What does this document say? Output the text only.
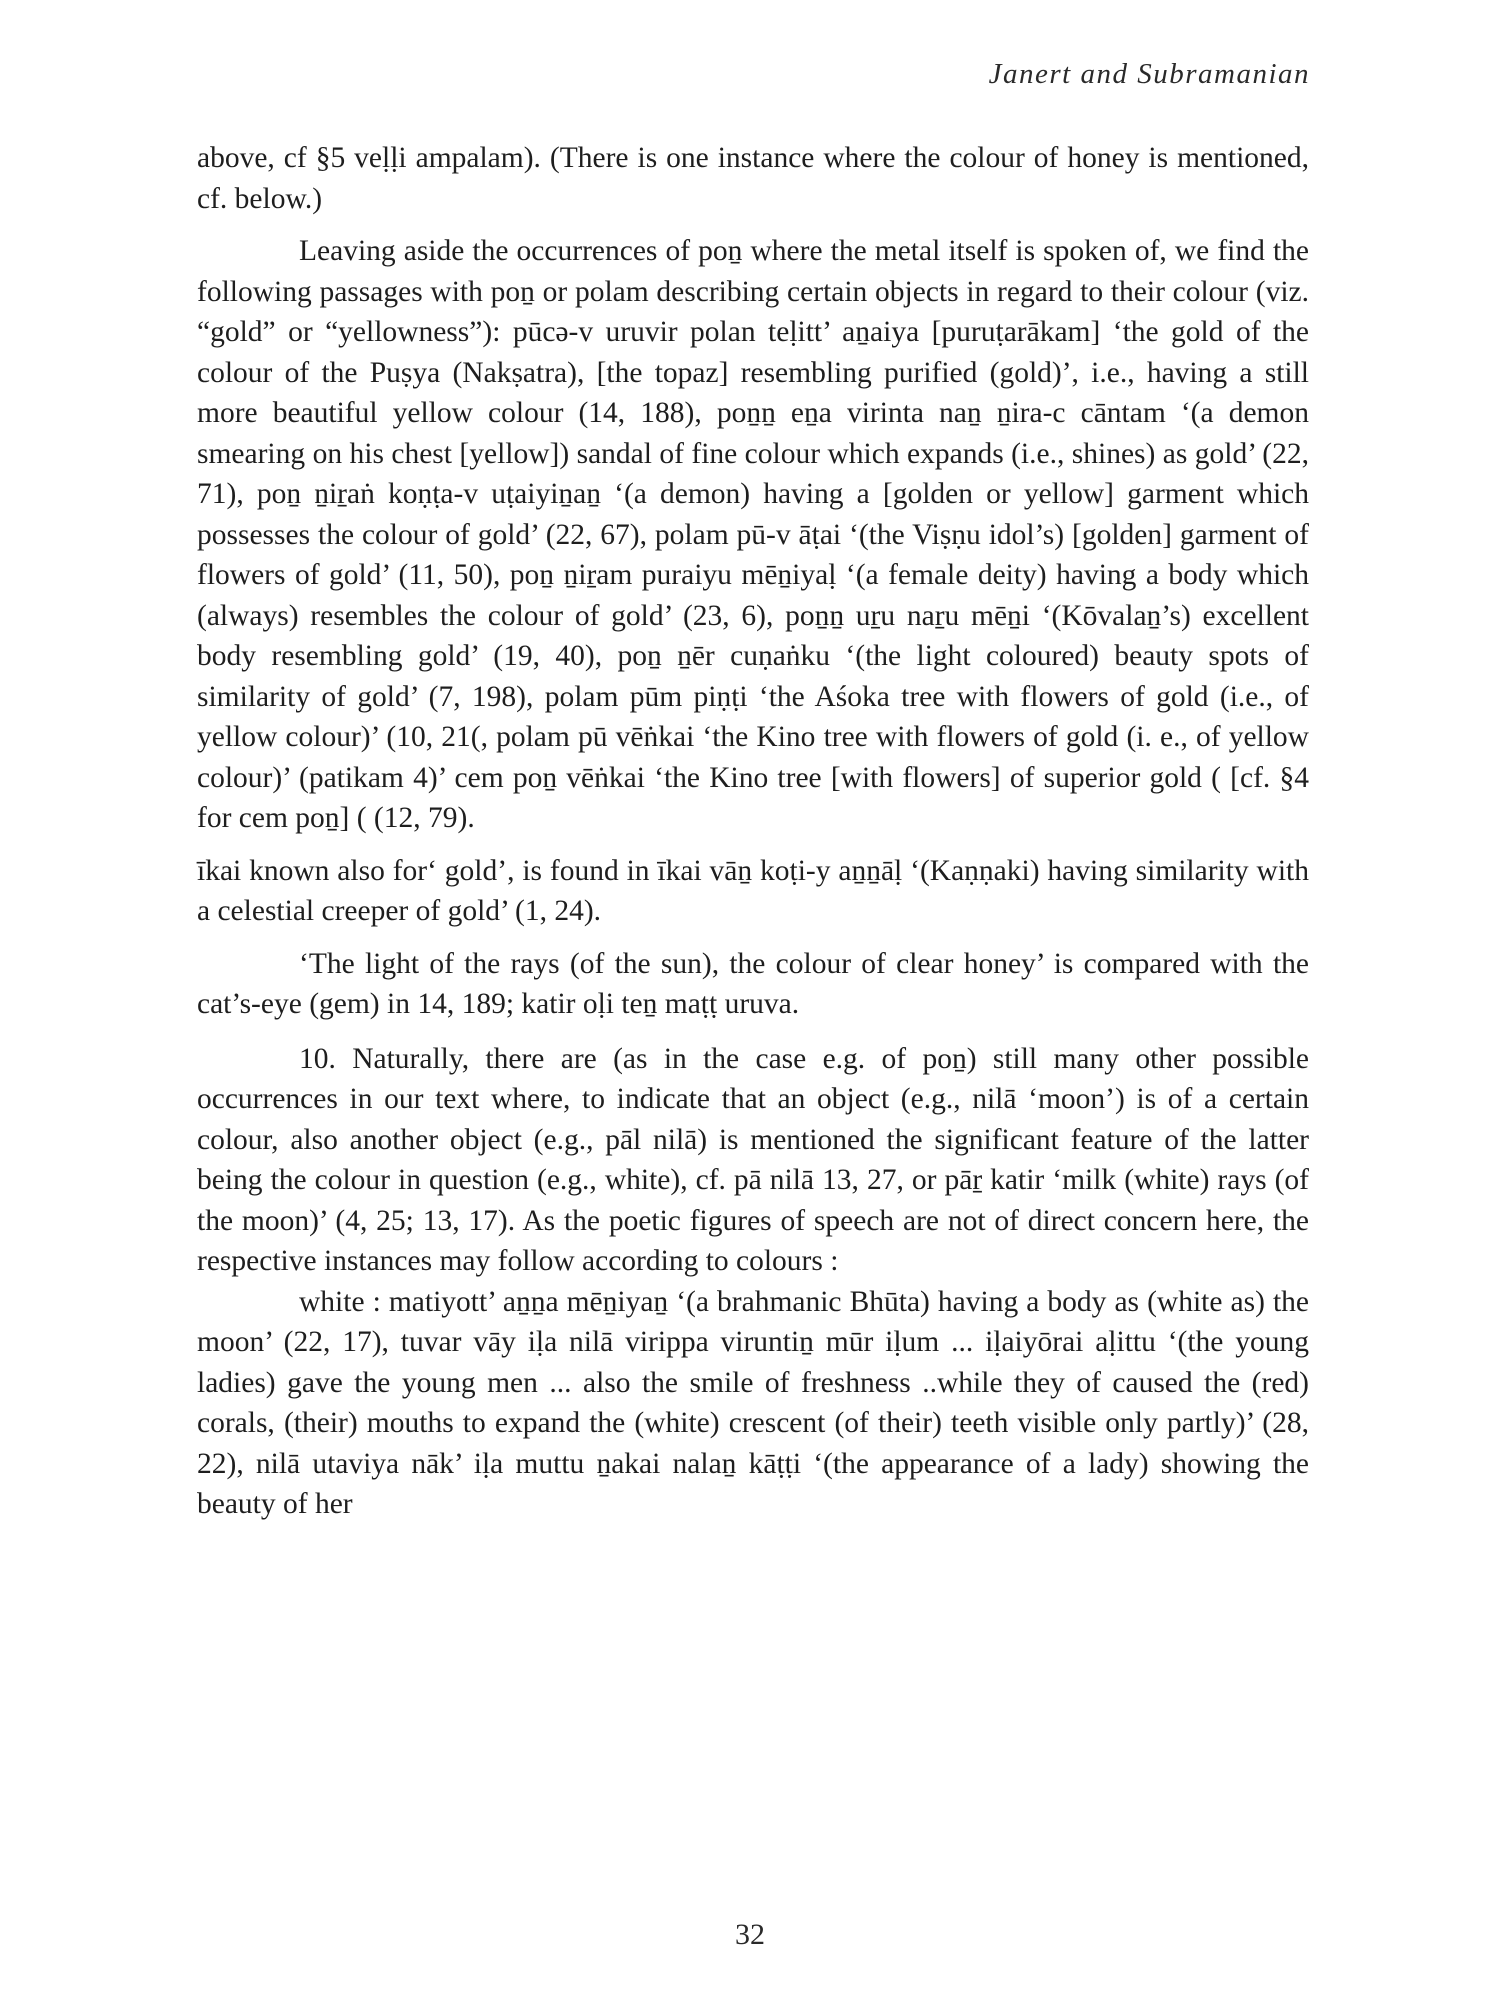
Janert and Subramanian

above, cf §5 veḷḷi ampalam). (There is one instance where the colour of honey is mentioned, cf. below.)

Leaving aside the occurrences of poṉ where the metal itself is spoken of, we find the following passages with poṉ or polam describing certain objects in regard to their colour (viz. “gold” or “yellowness”): pūcə-v uruvir polan teḷitt’ aṉaiya [puruṭarākam] ‘the gold of the colour of the Puṣya (Nakṣatra), [the topaz] resembling purified (gold)’, i.e., having a still more beautiful yellow colour (14, 188), poṉṉ eṉa virinta naṉ ṉira-c cāntam ‘(a demon smearing on his chest [yellow]) sandal of fine colour which expands (i.e., shines) as gold’ (22, 71), poṉ ṉiṟaṅ koṇṭa-v uṭaiyiṉaṉ ‘(a demon) having a [golden or yellow] garment which possesses the colour of gold’ (22, 67), polam pū-v āṭai ‘(the Viṣṇu idol’s) [golden] garment of flowers of gold’ (11, 50), poṉ ṉiṟam puraiyu mēṉiyaḷ ‘(a female deity) having a body which (always) resembles the colour of gold’ (23, 6), poṉṉ uṟu naṟu mēṉi ‘(Kōvalaṉ’s) excellent body resembling gold’ (19, 40), poṉ ṉēr cuṇaṅku ‘(the light coloured) beauty spots of similarity of gold’ (7, 198), polam pūm piṇṭi ‘the Aśoka tree with flowers of gold (i.e., of yellow colour)’ (10, 21(, polam pū vēṅkai ‘the Kino tree with flowers of gold (i. e., of yellow colour)’ (patikam 4)’ cem poṉ vēṅkai ‘the Kino tree [with flowers] of superior gold ( [cf. §4 for cem poṉ] ( (12, 79).

īkai known also for‘ gold’, is found in īkai vāṉ koṭi-y aṉṉāḷ ‘(Kaṇṇaki) having similarity with a celestial creeper of gold’ (1, 24).

‘The light of the rays (of the sun), the colour of clear honey’ is compared with the cat’s-eye (gem) in 14, 189; katir oḷi teṉ maṭṭ uruva.

10. Naturally, there are (as in the case e.g. of poṉ) still many other possible occurrences in our text where, to indicate that an object (e.g., nilā ‘moon’) is of a certain colour, also another object (e.g., pāl nilā) is mentioned the significant feature of the latter being the colour in question (e.g., white), cf. pā nilā 13, 27, or pāṟ katir ‘milk (white) rays (of the moon)’ (4, 25; 13, 17). As the poetic figures of speech are not of direct concern here, the respective instances may follow according to colours :

white : matiyott’ aṉṉa mēṉiyaṉ ‘(a brahmanic Bhūta) having a body as (white as) the moon’ (22, 17), tuvar vāy iḷa nilā virippa viruntiṉ mūr iḷum ... iḷaiyōrai aḷittu ‘(the young ladies) gave the young men ... also the smile of freshness ..while they of caused the (red) corals, (their) mouths to expand the (white) crescent (of their) teeth visible only partly)’ (28, 22), nilā utaviya nāk’ iḷa muttu ṉakai nalaṉ kāṭṭi ‘(the appearance of a lady) showing the beauty of her

32
